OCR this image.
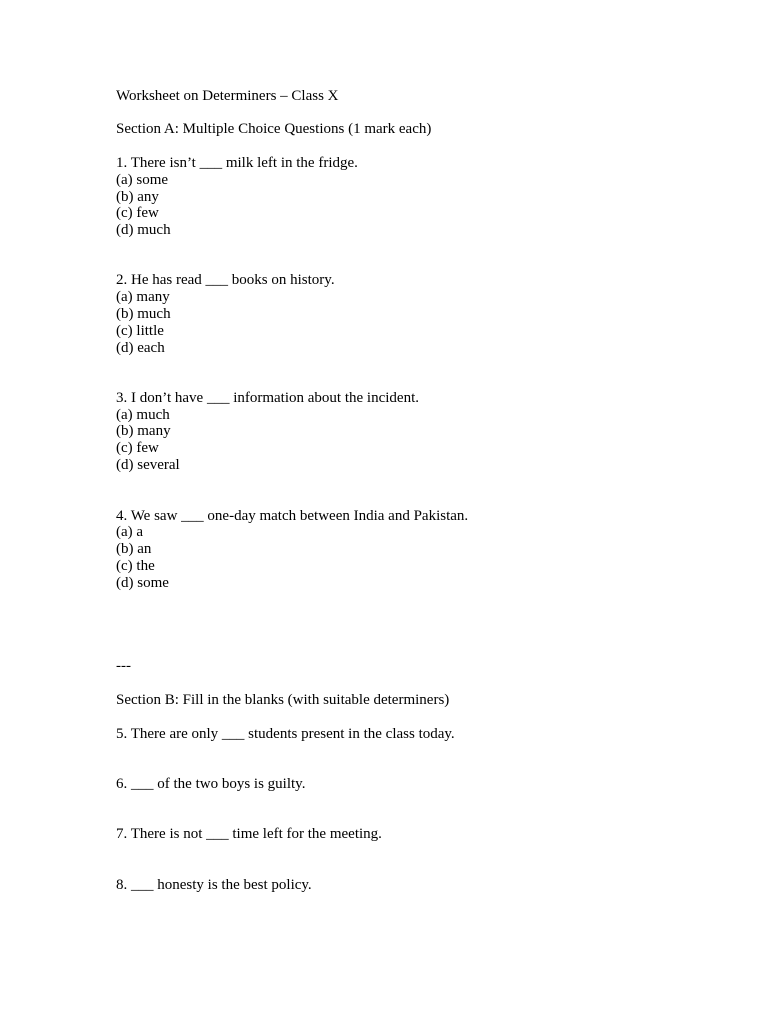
Worksheet on Determiners – Class X
Section A: Multiple Choice Questions (1 mark each)
1. There isn’t ___ milk left in the fridge.
(a) some
(b) any
(c) few
(d) much
2. He has read ___ books on history.
(a) many
(b) much
(c) little
(d) each
3. I don’t have ___ information about the incident.
(a) much
(b) many
(c) few
(d) several
4. We saw ___ one-day match between India and Pakistan.
(a) a
(b) an
(c) the
(d) some
---
Section B: Fill in the blanks (with suitable determiners)
5. There are only ___ students present in the class today.
6. ___ of the two boys is guilty.
7. There is not ___ time left for the meeting.
8. ___ honesty is the best policy.
